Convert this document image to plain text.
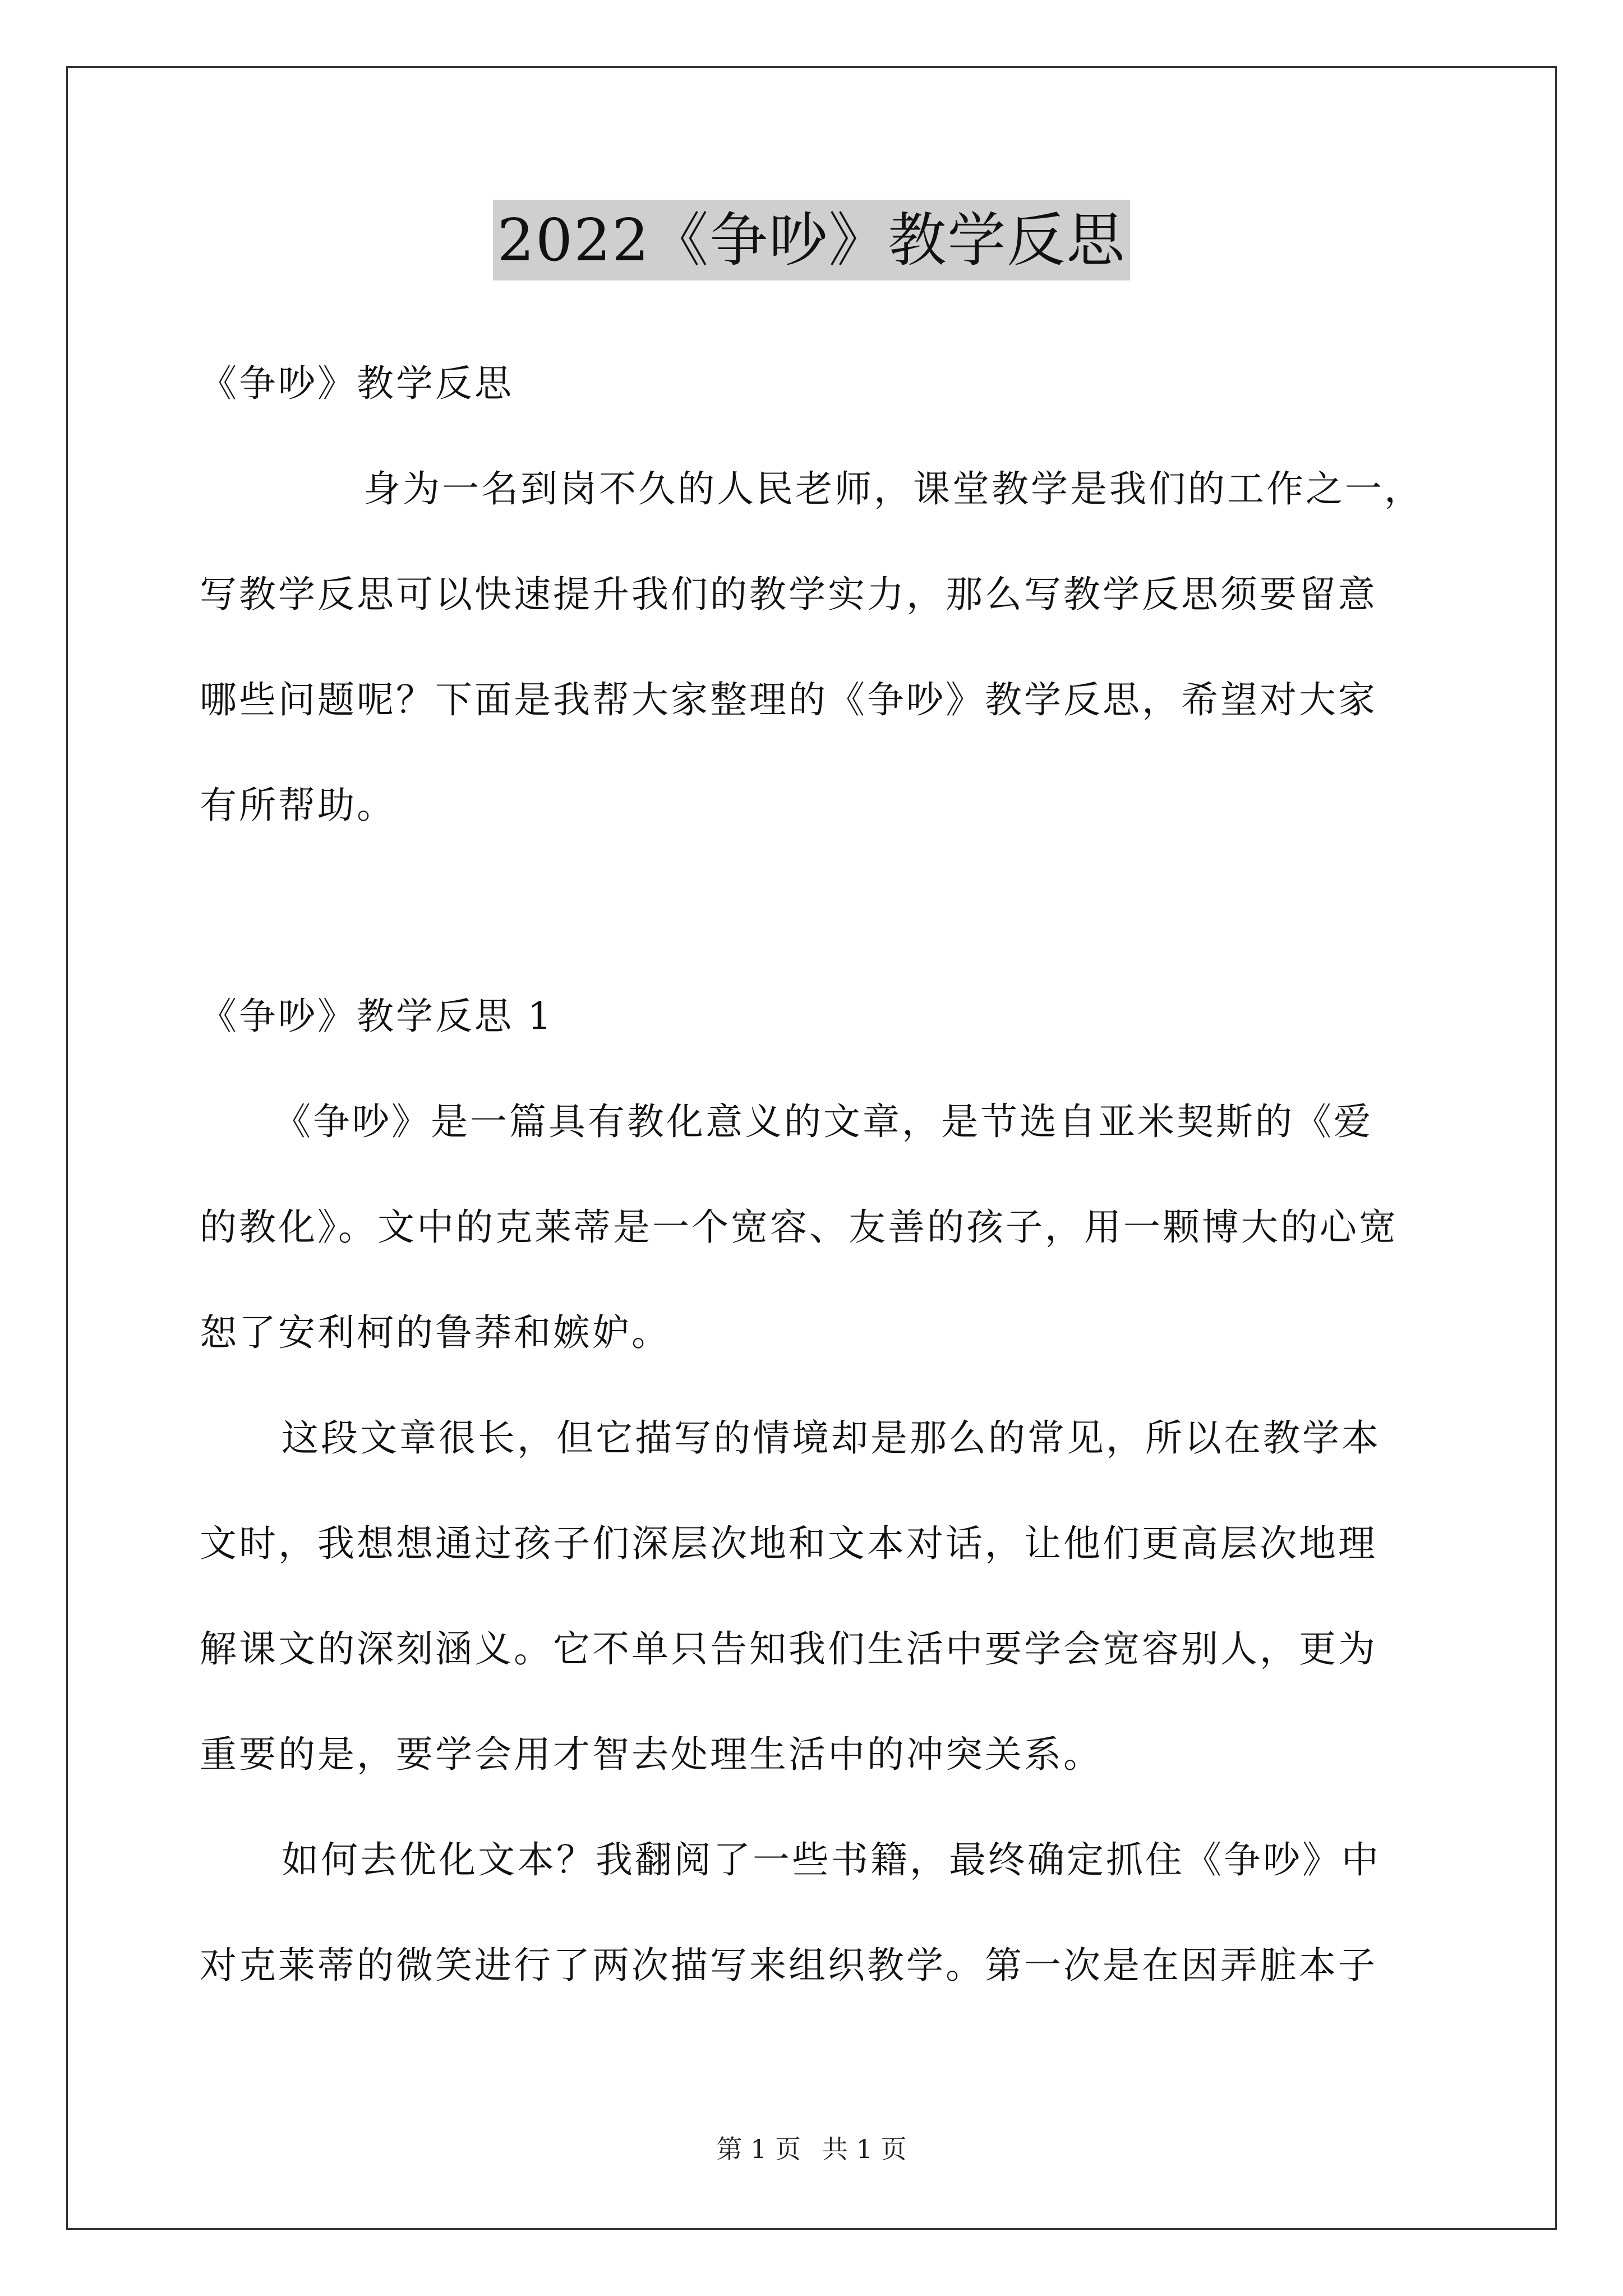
2022《争吵》教学反思
《争吵》教学反思
身为一名到岗不久的人民老师，课堂教学是我们的工作之一，
写教学反思可以快速提升我们的教学实力，那么写教学反思须要留意
哪些问题呢？下面是我帮大家整理的《争吵》教学反思，希望对大家
有所帮助。
《争吵》教学反思 1
《争吵》是一篇具有教化意义的文章，是节选自亚米契斯的《爱
的教化》。文中的克莱蒂是一个宽容、友善的孩子，用一颗博大的心宽
恕了安利柯的鲁莽和嫉妒。
这段文章很长，但它描写的情境却是那么的常见，所以在教学本
文时，我想想通过孩子们深层次地和文本对话，让他们更高层次地理
解课文的深刻涵义。它不单只告知我们生活中要学会宽容别人，更为
重要的是，要学会用才智去处理生活中的冲突关系。
如何去优化文本？我翻阅了一些书籍，最终确定抓住《争吵》中
对克莱蒂的微笑进行了两次描写来组织教学。第一次是在因弄脏本子
第 1 页 共 1 页
